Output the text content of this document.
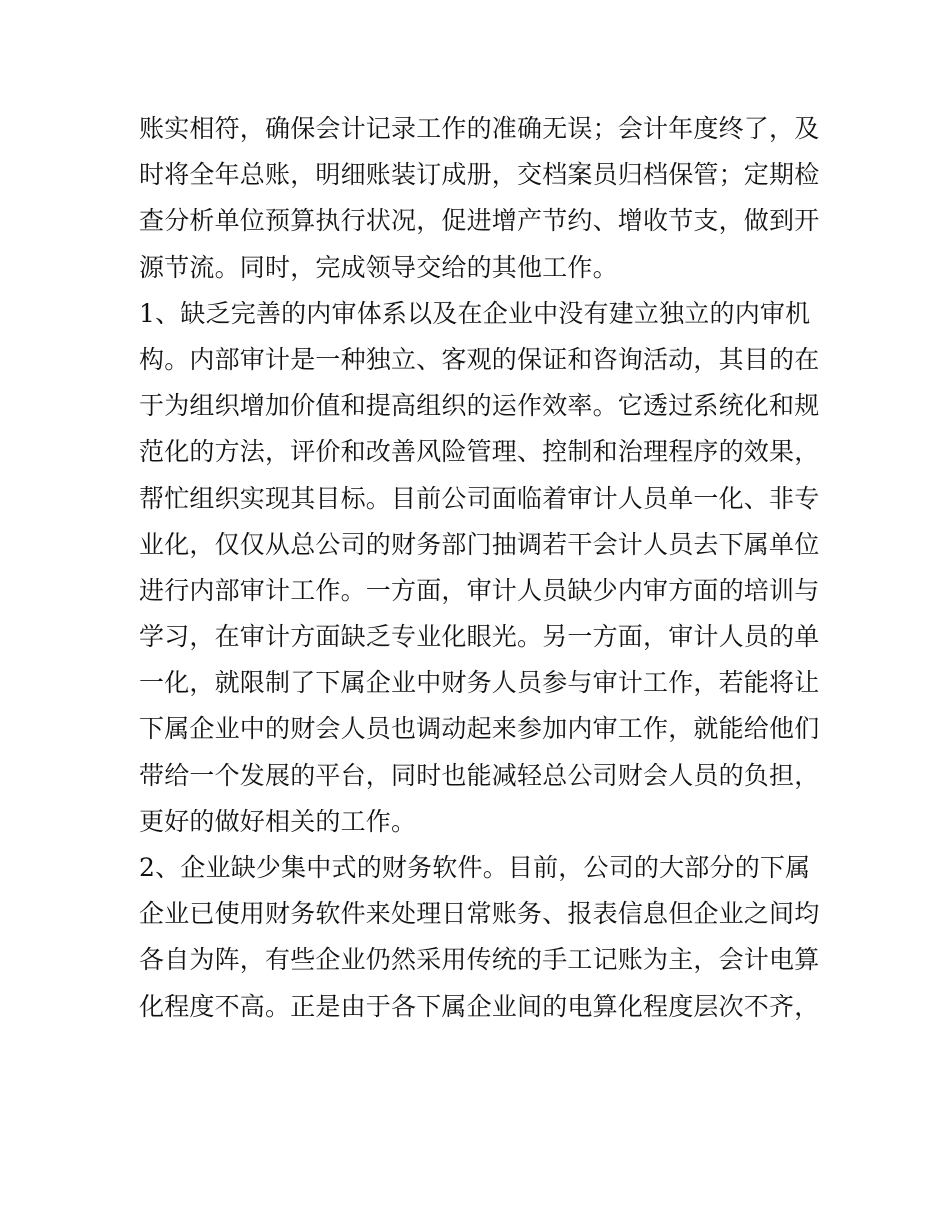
账实相符，确保会计记录工作的准确无误；会计年度终了，及
时将全年总账，明细账装订成册，交档案员归档保管；定期检
查分析单位预算执行状况，促进增产节约、增收节支，做到开
源节流。同时，完成领导交给的其他工作。
1、缺乏完善的内审体系以及在企业中没有建立独立的内审机
构。内部审计是一种独立、客观的保证和咨询活动，其目的在
于为组织增加价值和提高组织的运作效率。它透过系统化和规
范化的方法，评价和改善风险管理、控制和治理程序的效果，
帮忙组织实现其目标。目前公司面临着审计人员单一化、非专
业化，仅仅从总公司的财务部门抽调若干会计人员去下属单位
进行内部审计工作。一方面，审计人员缺少内审方面的培训与
学习，在审计方面缺乏专业化眼光。另一方面，审计人员的单
一化，就限制了下属企业中财务人员参与审计工作，若能将让
下属企业中的财会人员也调动起来参加内审工作，就能给他们
带给一个发展的平台，同时也能减轻总公司财会人员的负担，
更好的做好相关的工作。
2、企业缺少集中式的财务软件。目前，公司的大部分的下属
企业已使用财务软件来处理日常账务、报表信息但企业之间均
各自为阵，有些企业仍然采用传统的手工记账为主，会计电算
化程度不高。正是由于各下属企业间的电算化程度层次不齐，
